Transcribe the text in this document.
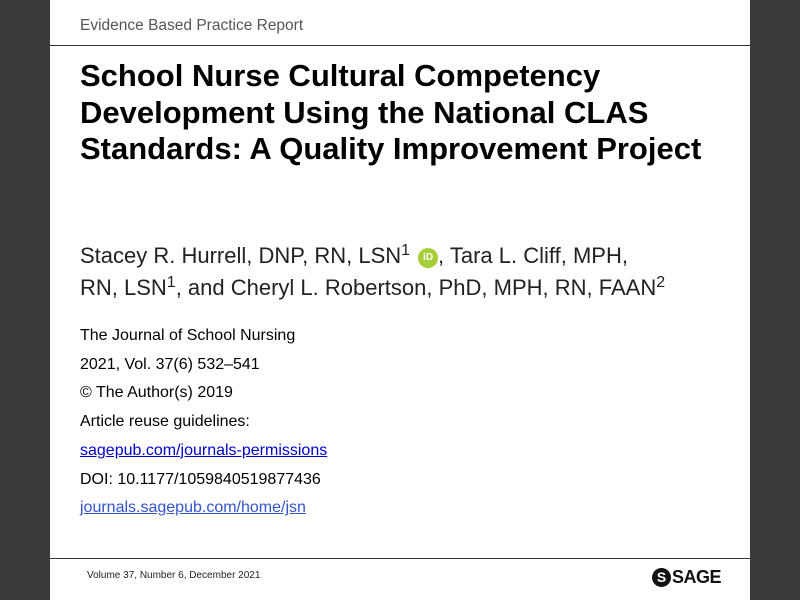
Evidence Based Practice Report
School Nurse Cultural Competency Development Using the National CLAS Standards: A Quality Improvement Project
Stacey R. Hurrell, DNP, RN, LSN$^1$ iD , Tara L. Cliff, MPH,
RN, LSN$^1$, and Cheryl L. Robertson, PhD, MPH, RN, FAAN$^2$
The Journal of School Nursing
2021, Vol. 37(6) 532–541
© The Author(s) 2019
Article reuse guidelines:
sagepub.com/journals-permissions
DOI: 10.1177/1059840519877436
journals.sagepub.com/home/jsn
Volume 37, Number 6, December 2021	S SAGE
